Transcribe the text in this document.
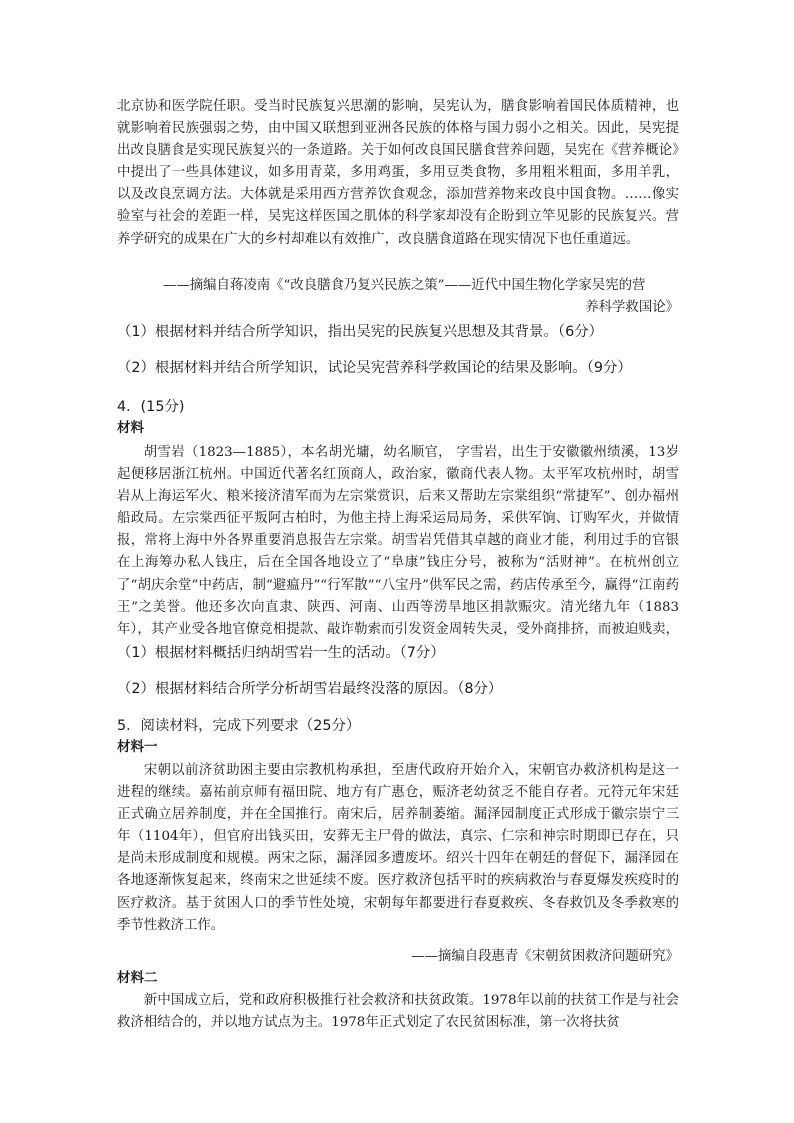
北京协和医学院任职。受当时民族复兴思潮的影响，吴宪认为，膳食影响着国民体质精神，也就影响着民族强弱之势，由中国又联想到亚洲各民族的体格与国力弱小之相关。因此，吴宪提出改良膳食是实现民族复兴的一条道路。关于如何改良国民膳食营养问题，吴宪在《营养概论》中提出了一些具体建议，如多用青菜，多用鸡蛋，多用豆类食物，多用粗米粗面，多用羊乳，以及改良烹调方法。大体就是采用西方营养饮食观念，添加营养物来改良中国食物。……像实验室与社会的差距一样，吴宪这样医国之肌体的科学家却没有企盼到立竿见影的民族复兴。营养学研究的成果在广大的乡村却难以有效推广，改良膳食道路在现实情况下也任重道远。

——摘编自蒋凌南《“改良膳食乃复兴民族之策”——近代中国生物化学家吴宪的营

养科学救国论》

（1）根据材料并结合所学知识，指出吴宪的民族复兴思想及其背景。（6分）

（2）根据材料并结合所学知识，试论吴宪营养科学救国论的结果及影响。（9分）

4．(15分)

材料

胡雪岩（1823—1885），本名胡光墉，幼名顺官， 字雪岩，出生于安徽徽州绩溪，13岁起便移居浙江杭州。中国近代著名红顶商人，政治家，徽商代表人物。太平军攻杭州时，胡雪岩从上海运军火、粮米接济清军而为左宗棠赏识，后来又帮助左宗棠组织“常捷军”、创办福州船政局。左宗棠西征平叛阿古柏时，为他主持上海采运局局务，采供军饷、订购军火，并做情报，常将上海中外各界重要消息报告左宗棠。胡雪岩凭借其卓越的商业才能，利用过手的官银在上海筹办私人钱庄，后在全国各地设立了“阜康”钱庄分号，被称为“活财神”。在杭州创立了“胡庆余堂”中药店，制“避瘟丹”“行军散”“八宝丹”供军民之需，药店传承至今，赢得“江南药王”之美誉。他还多次向直隶、陕西、河南、山西等涝旱地区捐款赈灾。清光绪九年（1883年），其产业受各地官僚竞相提款、敲诈勒索而引发资金周转失灵，受外商排挤，而被迫贱卖，

（1）根据材料概括归纳胡雪岩一生的活动。（7分）

（2）根据材料结合所学分析胡雪岩最终没落的原因。（8分）

5．阅读材料，完成下列要求（25分）

材料一

宋朝以前济贫助困主要由宗教机构承担，至唐代政府开始介入，宋朝官办救济机构是这一进程的继续。嘉祐前京师有福田院、地方有广惠仓，赈济老幼贫乏不能自存者。元符元年宋廷正式确立居养制度，并在全国推行。南宋后，居养制萎缩。漏泽园制度正式形成于徽宗崇宁三年（1104年），但官府出钱买田，安葬无主尸骨的做法，真宗、仁宗和神宗时期即已存在，只是尚未形成制度和规模。两宋之际，漏泽园多遭废坏。绍兴十四年在朝廷的督促下，漏泽园在各地逐渐恢复起来，终南宋之世延续不废。医疗救济包括平时的疾病救治与春夏爆发疾疫时的医疗救济。基于贫困人口的季节性处境，宋朝每年都要进行春夏救疾、冬春救饥及冬季救寒的季节性救济工作。

——摘编自段惠青《宋朝贫困救济问题研究》

材料二

新中国成立后，党和政府积极推行社会救济和扶贫政策。1978年以前的扶贫工作是与社会救济相结合的，并以地方试点为主。1978年正式划定了农民贫困标准，第一次将扶贫
